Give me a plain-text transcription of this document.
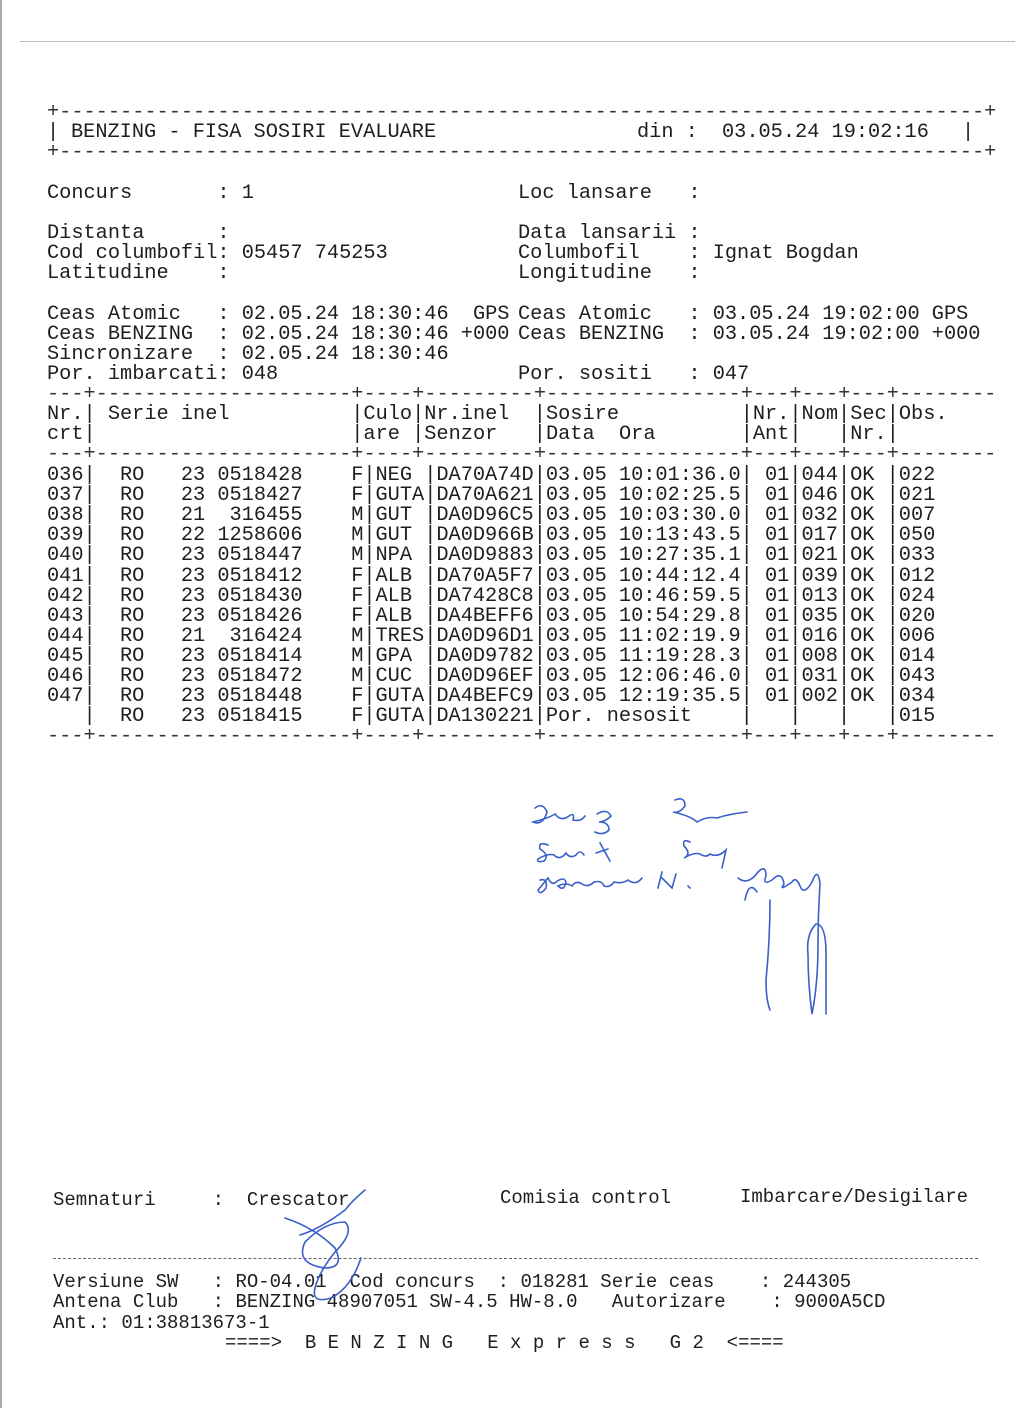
+----------------------------------------------------------------------------+
| BENZING - FISA SOSIRI EVALUARE	din : 03.05.24 19:02:16 |
+----------------------------------------------------------------------------+
Concurs	: 1	Loc lansare :
Distanta	:	Data lansarii :
Cod columbofil: 05457 745253	Columbofil : Ignat Bogdan
Latitudine :	Longitudine :
Ceas Atomic : 02.05.24 18:30:46 GPS Ceas Atomic : 03.05.24 19:02:00 GPS
Ceas BENZING : 02.05.24 18:30:46 +000 Ceas BENZING : 03.05.24 19:02:00 +000
Sincronizare : 02.05.24 18:30:46
Por. imbarcati: 048	Por. sositi : 047
---+---------------------+----+---------+----------------+---+---+---+--------
Nr.| Serie inel	|Culo|Nr.inel |Sosire	|Nr.|Nom|Sec|Obs.
crt|	|are |Senzor |Data  Ora	|Ant| |Nr.|
---+---------------------+----+---------+----------------+---+---+---+--------
036| RO 23 0518428 F|NEG |DA70A74D|03.05 10:01:36.0| 01|044|OK |022
037| RO 23 0518427 F|GUTA|DA70A621|03.05 10:02:25.5| 01|046|OK |021
038| RO 21 316455 M|GUT |DA0D96C5|03.05 10:03:30.0| 01|032|OK |007
039| RO 22 1258606 M|GUT |DA0D966B|03.05 10:13:43.5| 01|017|OK |050
040| RO 23 0518447 M|NPA |DA0D9883|03.05 10:27:35.1| 01|021|OK |033
041| RO 23 0518412 F|ALB |DA70A5F7|03.05 10:44:12.4| 01|039|OK |012
042| RO 23 0518430 F|ALB |DA7428C8|03.05 10:46:59.5| 01|013|OK |024
043| RO 23 0518426 F|ALB |DA4BEFF6|03.05 10:54:29.8| 01|035|OK |020
044| RO 21 316424 M|TRES|DA0D96D1|03.05 11:02:19.9| 01|016|OK |006
045| RO 23 0518414 M|GPA |DA0D9782|03.05 11:19:28.3| 01|008|OK |014
046| RO 23 0518472 M|CUC |DA0D96EF|03.05 12:06:46.0| 01|031|OK |043
047| RO 23 0518448 F|GUTA|DA4BEFC9|03.05 12:19:35.5| 01|002|OK |034
| RO 23 0518415 F|GUTA|DA130221|Por. nesosit | | | |015
---+---------------------+----+---------+----------------+---+---+---+--------
Semnaturi	:  Crescator	Comisia control	Imbarcare/Desigilare
Versiune SW : RO-04.01 Cod concurs : 018281 Serie ceas : 244305
Antena Club : BENZING 48907051 SW-4.5 HW-8.0 Autorizare : 9000A5CD
Ant.: 01:38813673-1
====>  B E N Z I N G   E x p r e s s   G 2  <====
